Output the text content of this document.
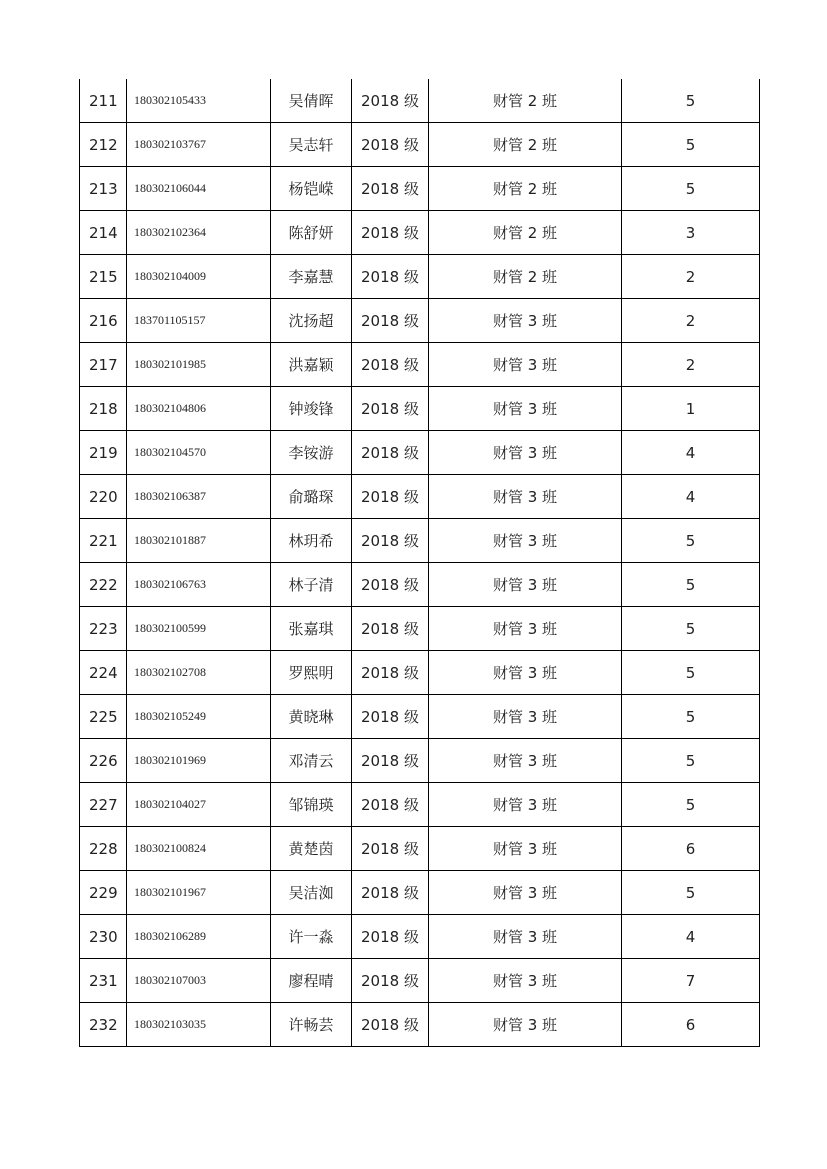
211	180302105433	吴倩晖	2018 级	财管 2 班	5
212	180302103767	吴志轩	2018 级	财管 2 班	5
213	180302106044	杨铠嵘	2018 级	财管 2 班	5
214	180302102364	陈舒妍	2018 级	财管 2 班	3
215	180302104009	李嘉慧	2018 级	财管 2 班	2
216	183701105157	沈扬超	2018 级	财管 3 班	2
217	180302101985	洪嘉颖	2018 级	财管 3 班	2
218	180302104806	钟竣锋	2018 级	财管 3 班	1
219	180302104570	李铵游	2018 级	财管 3 班	4
220	180302106387	俞璐琛	2018 级	财管 3 班	4
221	180302101887	林玥希	2018 级	财管 3 班	5
222	180302106763	林子清	2018 级	财管 3 班	5
223	180302100599	张嘉琪	2018 级	财管 3 班	5
224	180302102708	罗熙明	2018 级	财管 3 班	5
225	180302105249	黄晓琳	2018 级	财管 3 班	5
226	180302101969	邓清云	2018 级	财管 3 班	5
227	180302104027	邹锦瑛	2018 级	财管 3 班	5
228	180302100824	黄楚茵	2018 级	财管 3 班	6
229	180302101967	吴洁洳	2018 级	财管 3 班	5
230	180302106289	许一淼	2018 级	财管 3 班	4
231	180302107003	廖程晴	2018 级	财管 3 班	7
232	180302103035	许畅芸	2018 级	财管 3 班	6
